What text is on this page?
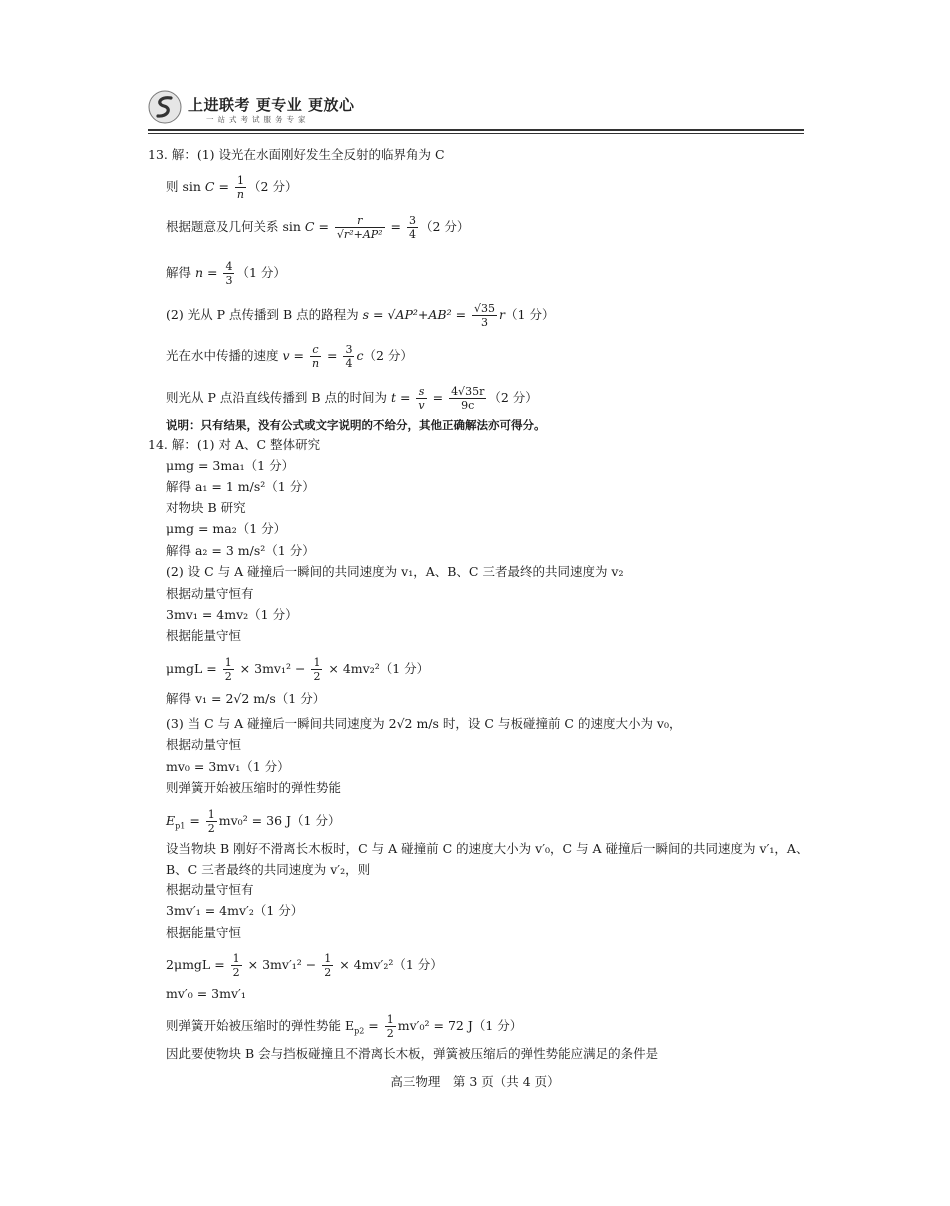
上进联考 更专业 更放心
一站式考试服务专家
13. 解：(1) 设光在水面刚好发生全反射的临界角为 C
则 $\sin C = \frac{1}{n} (2$ 分）
根据题意及几何关系 $\sin C = \frac{r}{\text{√r²+AP²}} = \frac{3}{4} (2$ 分）
解得 $n = \frac{4}{3} (1$ 分）
(2) 光从 P 点传播到 B 点的路程为 $s = √AP^2+AB^2 = \frac{√35}{3} r(1$ 分）
光在水中传播的速度 $v = \frac{c}{n} = \frac{3}{4} c(2$ 分）
则光从 P 点沿直线传播到 B 点的时间为 $t = \frac{s}{v} = \frac{4√35r}{9c} (2$ 分）
说明：只有结果，没有公式或文字说明的不给分，其他正确解法亦可得分。
14. 解：(1) 对 A、C 整体研究
μmg = 3ma₁（1 分）
解得 a₁ = 1 m/s²（1 分）
对物块 B 研究
μmg = ma₂（1 分）
解得 a₂ = 3 m/s²（1 分）
(2) 设 C 与 A 碰撞后一瞬间的共同速度为 v₁，A、B、C 三者最终的共同速度为 v₂
根据动量守恒有
3mv₁ = 4mv₂（1 分）
根据能量守恒
$\mu mgL = \frac{1}{2} \times 3mv_1^2 - \frac{1}{2} \times 4mv_2^2(1$ 分）
解得 v₁ = 2√2 m/s（1 分）
(3) 当 C 与 A 碰撞后一瞬间共同速度为 2√2 m/s 时，设 C 与板碰撞前 C 的速度大小为 v₀，
根据动量守恒
mv₀ = 3mv₁（1 分）
则弹簧开始被压缩时的弹性势能
$E_{p1} = \frac{1}{2} mv_0^2 = 36$ J（1 分）
设当物块 B 刚好不滑离长木板时，C 与 A 碰撞前 C 的速度大小为 v′₀，C 与 A 碰撞后一瞬间的共同速度为 v′₁，A、
B、C 三者最终的共同速度为 v′₂，则
根据动量守恒有
3mv′₁ = 4mv′₂（1 分）
根据能量守恒
$2\mu mgL = \frac{1}{2} \times 3mv'_1^2 - \frac{1}{2} \times 4mv'_2^2(1$ 分）
mv′₀ = 3mv′₁
则弹簧开始被压缩时的弹性势能 $E_{p2} = \frac{1}{2} mv'_0^2 = 72$ J（1 分）
因此要使物块 B 会与挡板碰撞且不滑离长木板，弹簧被压缩后的弹性势能应满足的条件是
高三物理　第 3 页（共 4 页）
